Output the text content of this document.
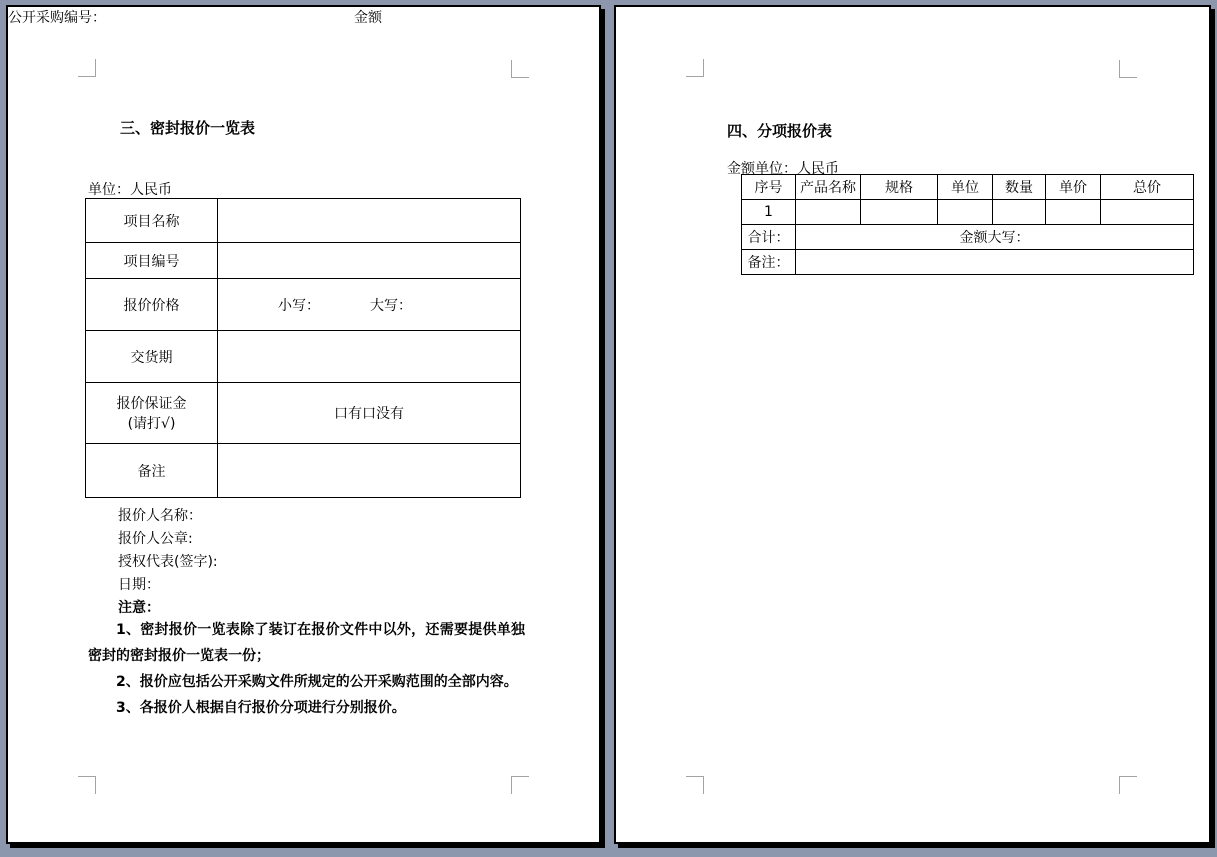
三、密封报价一览表
公开采购编号：	金额
单位：人民币
项目名称	
项目编号	
报价价格	小写： 大写：

交货期	

报价保证金
(请打√)	口有口没有
备注	

报价人名称：

报价人公章:

授权代表(签字):

日期：

注意：

1、密封报价一览表除了装订在报价文件中以外，还需要提供单独密封的密封报价一览表一份；

2、报价应包括公开采购文件所规定的公开采购范围的全部内容。

3、各报价人根据自行报价分项进行分别报价。

四、分项报价表
金额单位：人民币
序号	产品名称	规格	单位	数量	单价	总价
1						
合计：	金额大写：					
备注：						
